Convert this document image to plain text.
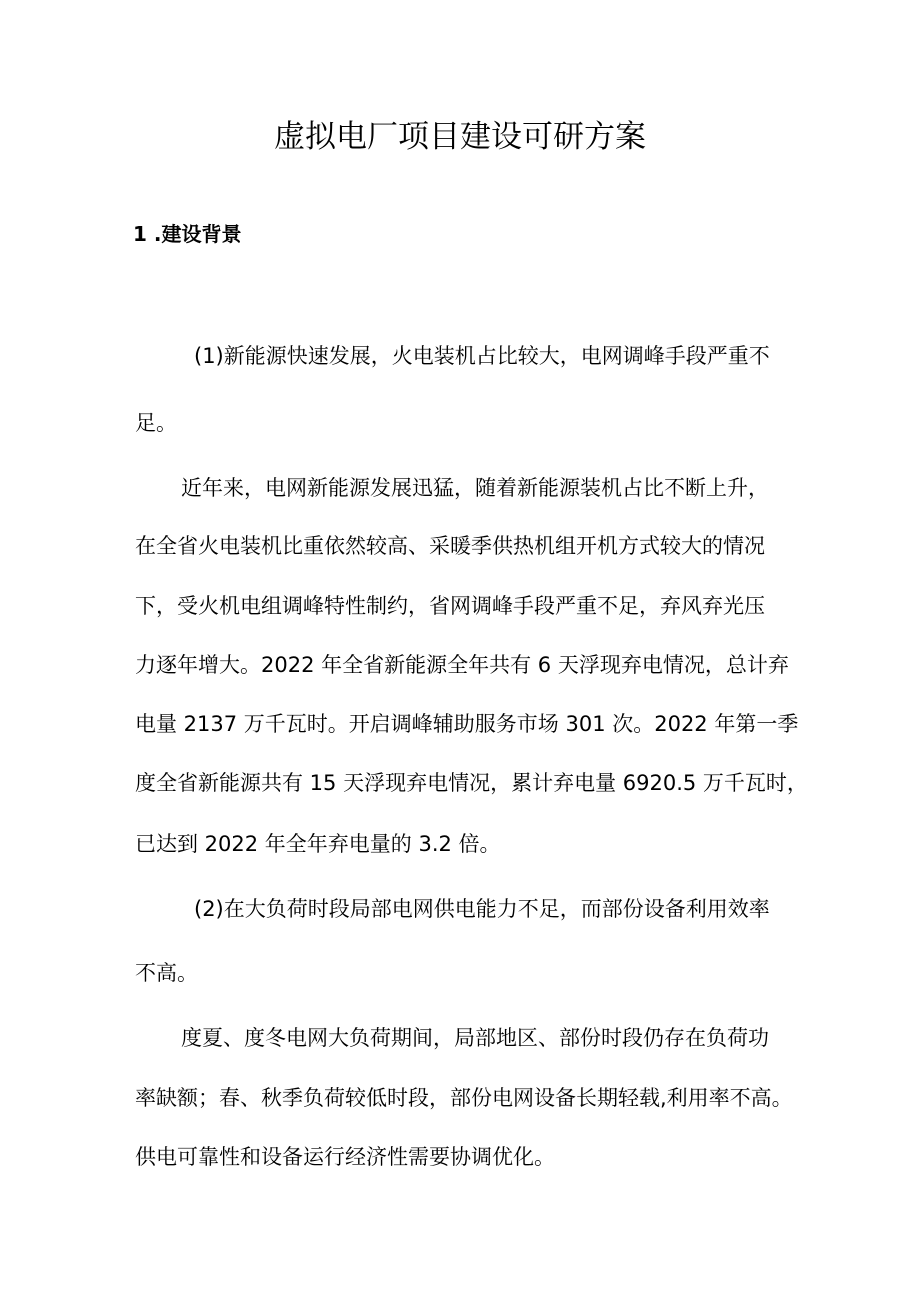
虚拟电厂项目建设可研方案
1 .建设背景

(1)新能源快速发展，火电装机占比较大，电网调峰手段严重不

足。

近年来，电网新能源发展迅猛，随着新能源装机占比不断上升，

在全省火电装机比重依然较高、采暖季供热机组开机方式较大的情况

下，受火机电组调峰特性制约，省网调峰手段严重不足，弃风弃光压

力逐年增大。2022 年全省新能源全年共有 6 天浮现弃电情况，总计弃

电量 2137 万千瓦时。开启调峰辅助服务市场 301 次。2022 年第一季

度全省新能源共有 15 天浮现弃电情况，累计弃电量 6920.5 万千瓦时，

已达到 2022 年全年弃电量的 3.2 倍。

(2)在大负荷时段局部电网供电能力不足，而部份设备利用效率

不高。

度夏、度冬电网大负荷期间，局部地区、部份时段仍存在负荷功

率缺额；春、秋季负荷较低时段，部份电网设备长期轻载,利用率不高。

供电可靠性和设备运行经济性需要协调优化。
